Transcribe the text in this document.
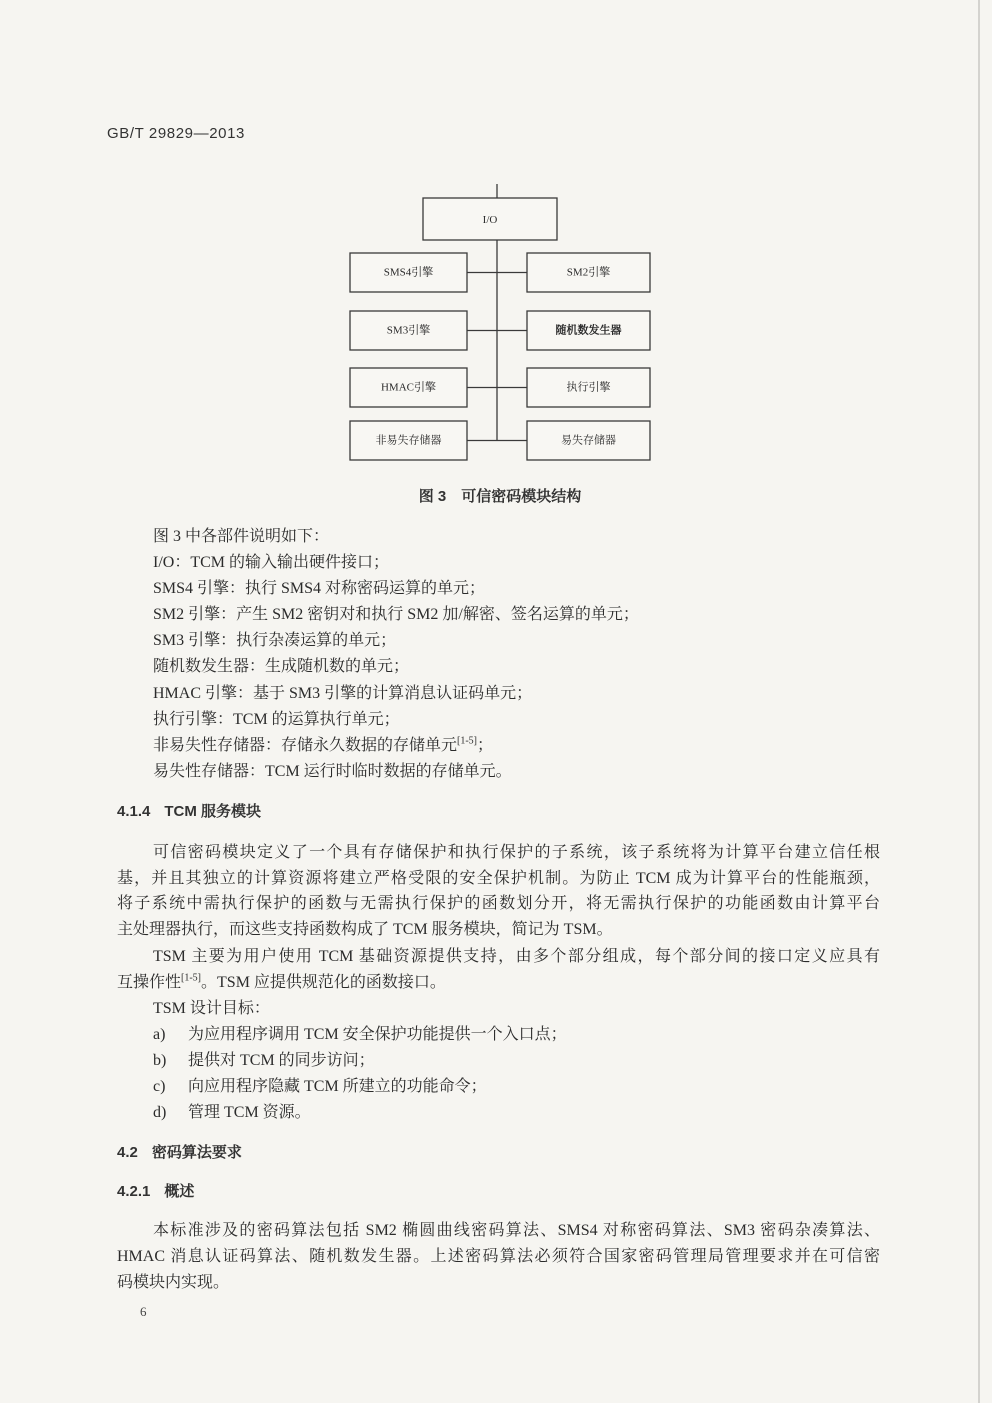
GB/T 29829—2013
I/O
SMS4引擎
SM3引擎
HMAC引擎
非易失存储器
SM2引擎
随机数发生器
执行引擎
易失存储器
图 3　可信密码模块结构
图 3 中各部件说明如下：
I/O：TCM 的输入输出硬件接口；
SMS4 引擎：执行 SMS4 对称密码运算的单元；
SM2 引擎：产生 SM2 密钥对和执行 SM2 加/解密、签名运算的单元；
SM3 引擎：执行杂凑运算的单元；
随机数发生器：生成随机数的单元；
HMAC 引擎：基于 SM3 引擎的计算消息认证码单元；
执行引擎：TCM 的运算执行单元；
非易失性存储器：存储永久数据的存储单元[1-5]；
易失性存储器：TCM 运行时临时数据的存储单元。
4.1.4 TCM 服务模块
可信密码模块定义了一个具有存储保护和执行保护的子系统，该子系统将为计算平台建立信任根
基，并且其独立的计算资源将建立严格受限的安全保护机制。为防止 TCM 成为计算平台的性能瓶颈，
将子系统中需执行保护的函数与无需执行保护的函数划分开，将无需执行保护的功能函数由计算平台
主处理器执行，而这些支持函数构成了 TCM 服务模块，简记为 TSM。
TSM 主要为用户使用 TCM 基础资源提供支持，由多个部分组成，每个部分间的接口定义应具有
互操作性[1-5]。TSM 应提供规范化的函数接口。
TSM 设计目标：
a) 为应用程序调用 TCM 安全保护功能提供一个入口点；
b) 提供对 TCM 的同步访问；
c) 向应用程序隐藏 TCM 所建立的功能命令；
d) 管理 TCM 资源。
4.2 密码算法要求
4.2.1 概述
本标准涉及的密码算法包括 SM2 椭圆曲线密码算法、SMS4 对称密码算法、SM3 密码杂凑算法、
HMAC 消息认证码算法、随机数发生器。上述密码算法必须符合国家密码管理局管理要求并在可信密
码模块内实现。
6
